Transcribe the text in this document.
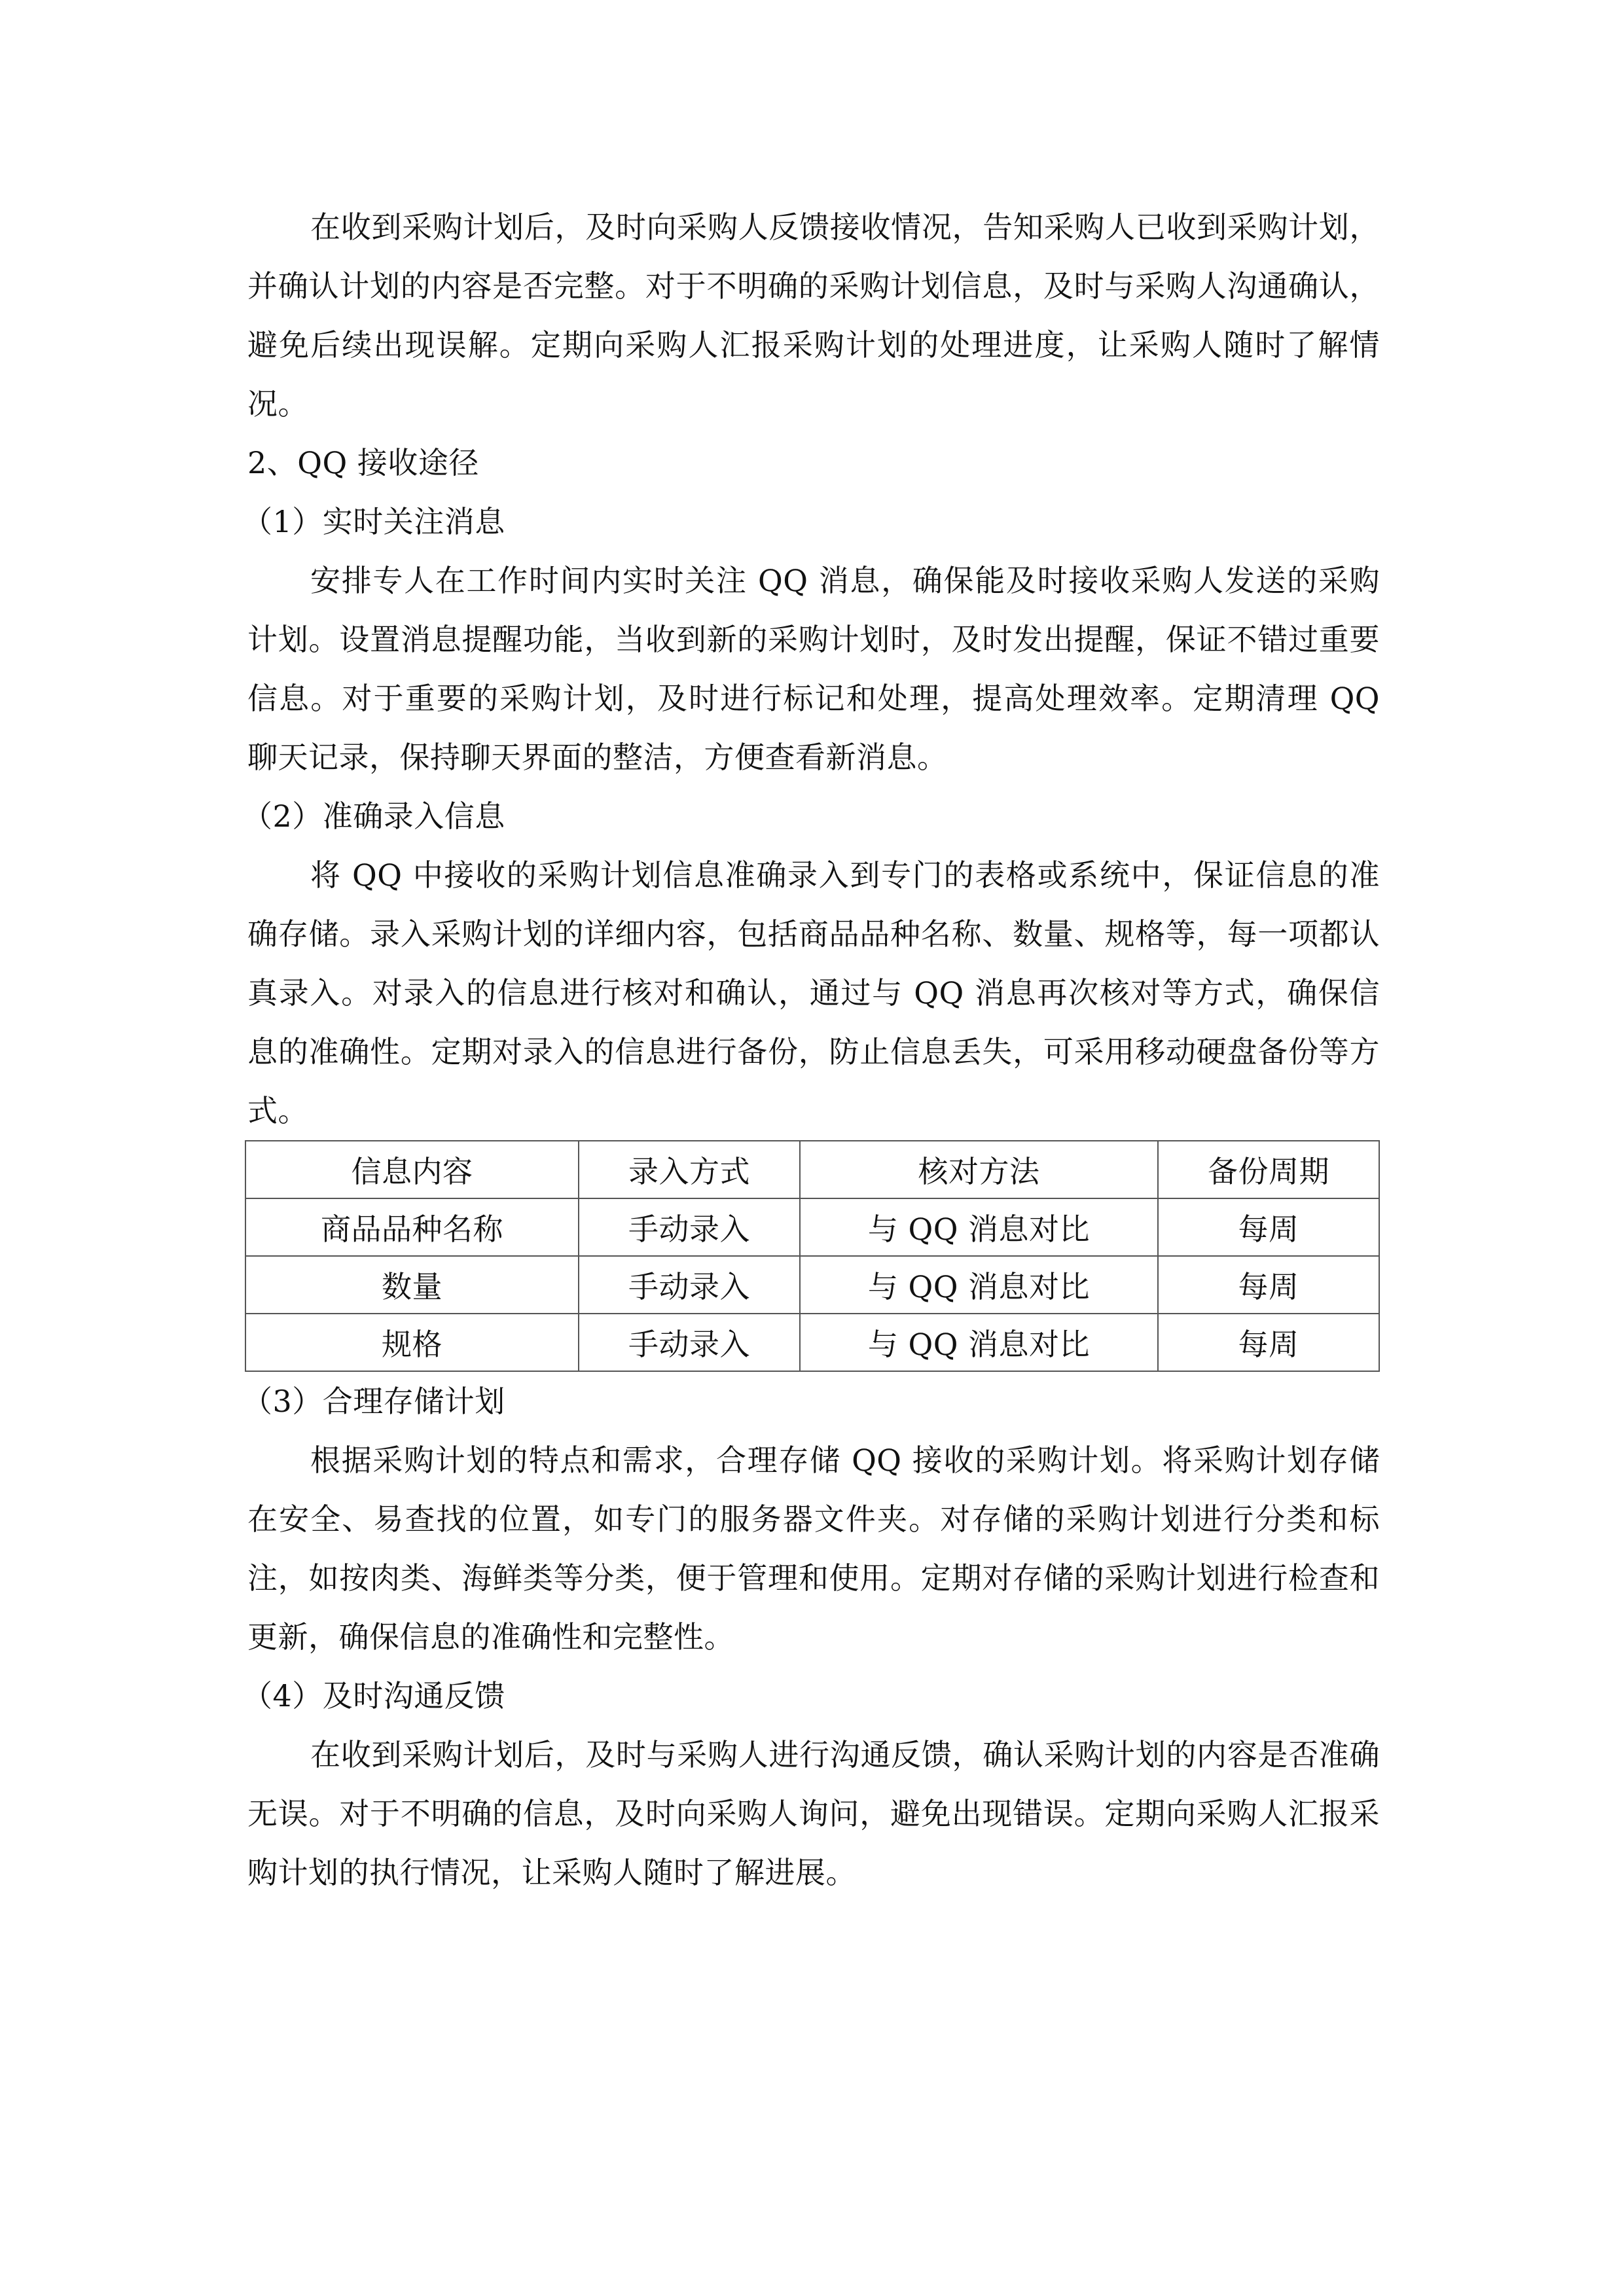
在收到采购计划后，及时向采购人反馈接收情况，告知采购人已收到采购计划，并确认计划的内容是否完整。对于不明确的采购计划信息，及时与采购人沟通确认，避免后续出现误解。定期向采购人汇报采购计划的处理进度，让采购人随时了解情况。

2、QQ 接收途径

（1）实时关注消息

安排专人在工作时间内实时关注 QQ 消息，确保能及时接收采购人发送的采购计划。设置消息提醒功能，当收到新的采购计划时，及时发出提醒，保证不错过重要信息。对于重要的采购计划，及时进行标记和处理，提高处理效率。定期清理 QQ 聊天记录，保持聊天界面的整洁，方便查看新消息。

（2）准确录入信息

将 QQ 中接收的采购计划信息准确录入到专门的表格或系统中，保证信息的准确存储。录入采购计划的详细内容，包括商品品种名称、数量、规格等，每一项都认真录入。对录入的信息进行核对和确认，通过与 QQ 消息再次核对等方式，确保信息的准确性。定期对录入的信息进行备份，防止信息丢失，可采用移动硬盘备份等方式。

信息内容	录入方式	核对方法	备份周期
商品品种名称	手动录入	与 QQ 消息对比	每周
数量	手动录入	与 QQ 消息对比	每周
规格	手动录入	与 QQ 消息对比	每周

（3）合理存储计划

根据采购计划的特点和需求，合理存储 QQ 接收的采购计划。将采购计划存储在安全、易查找的位置，如专门的服务器文件夹。对存储的采购计划进行分类和标注，如按肉类、海鲜类等分类，便于管理和使用。定期对存储的采购计划进行检查和更新，确保信息的准确性和完整性。

（4）及时沟通反馈

在收到采购计划后，及时与采购人进行沟通反馈，确认采购计划的内容是否准确无误。对于不明确的信息，及时向采购人询问，避免出现错误。定期向采购人汇报采购计划的执行情况，让采购人随时了解进展。
